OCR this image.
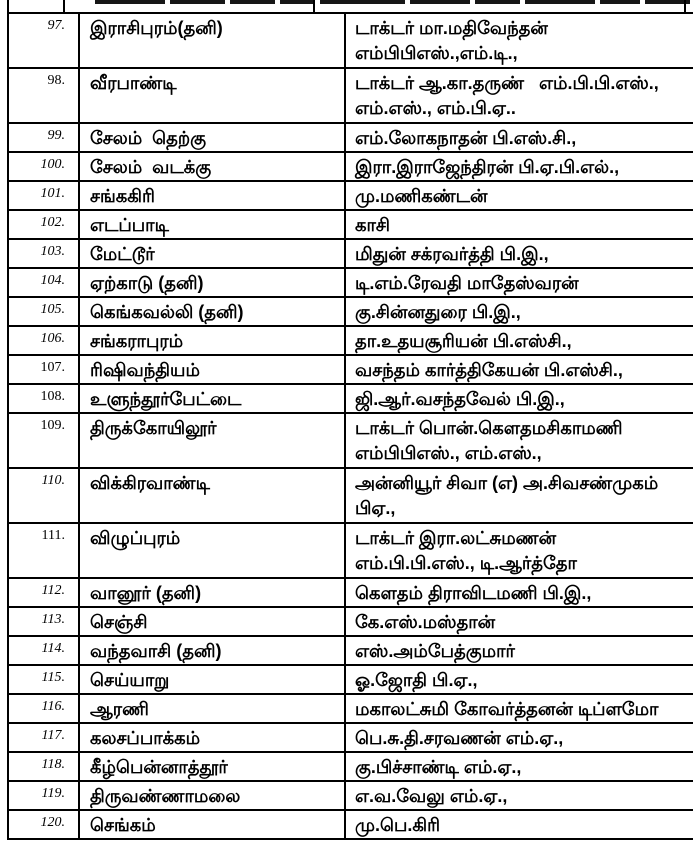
97.	இராசிபுரம்(தனி)	டாக்டர் மா.மதிவேந்தன்
எம்பிபிஎஸ்.,எம்.டி.,

98.	வீரபாண்டி	டாக்டர் ஆ.கா.தருண்   எம்.பி.பி.எஸ்.,
எம்.எஸ்., எம்.பி.ஏ..

99.	சேலம்  தெற்கு	எம்.லோகநாதன் பி.எஸ்.சி.,

100.	சேலம்  வடக்கு	இரா.இராஜேந்திரன் பி.ஏ.பி.எல்.,

101.	சங்ககிரி	மு.மணிகண்டன்

102.	எடப்பாடி	காசி

103.	மேட்டூர்	மிதுன் சக்ரவர்த்தி பி.இ.,

104.	ஏற்காடு (தனி)	டி.எம்.ரேவதி மாதேஸ்வரன்

105.	கெங்கவல்லி (தனி)	கு.சின்னதுரை பி.இ.,

106.	சங்கராபுரம்	தா.உதயசூரியன் பி.எஸ்சி.,

107.	ரிஷிவந்தியம்	வசந்தம் கார்த்திகேயன் பி.எஸ்சி.,

108.	உளுந்தூர்பேட்டை	ஜி.ஆர்.வசந்தவேல் பி.இ.,

109.	திருக்கோயிலூர்	டாக்டர் பொன்.கௌதமசிகாமணி
எம்பிபிஎஸ்., எம்.எஸ்.,

110.	விக்கிரவாண்டி	அன்னியூர் சிவா (எ) அ.சிவசண்முகம்
பிஏ.,

111.	விழுப்புரம்	டாக்டர் இரா.லட்சுமணன்
எம்.பி.பி.எஸ்., டி.ஆர்த்தோ

112.	வானூர் (தனி)	கௌதம் திராவிடமணி பி.இ.,

113.	செஞ்சி	கே.எஸ்.மஸ்தான்

114.	வந்தவாசி (தனி)	எஸ்.அம்பேத்குமார்

115.	செய்யாறு	ஓ.ஜோதி பி.ஏ.,

116.	ஆரணி	மகாலட்சுமி கோவர்த்தனன் டிப்ளமோ

117.	கலசப்பாக்கம்	பெ.சு.தி.சரவணன் எம்.ஏ.,

118.	கீழ்பென்னாத்தூர்	கு.பிச்சாண்டி எம்.ஏ.,

119.	திருவண்ணாமலை	எ.வ.வேலு எம்.ஏ.,

120.	செங்கம்	மு.பெ.கிரி
